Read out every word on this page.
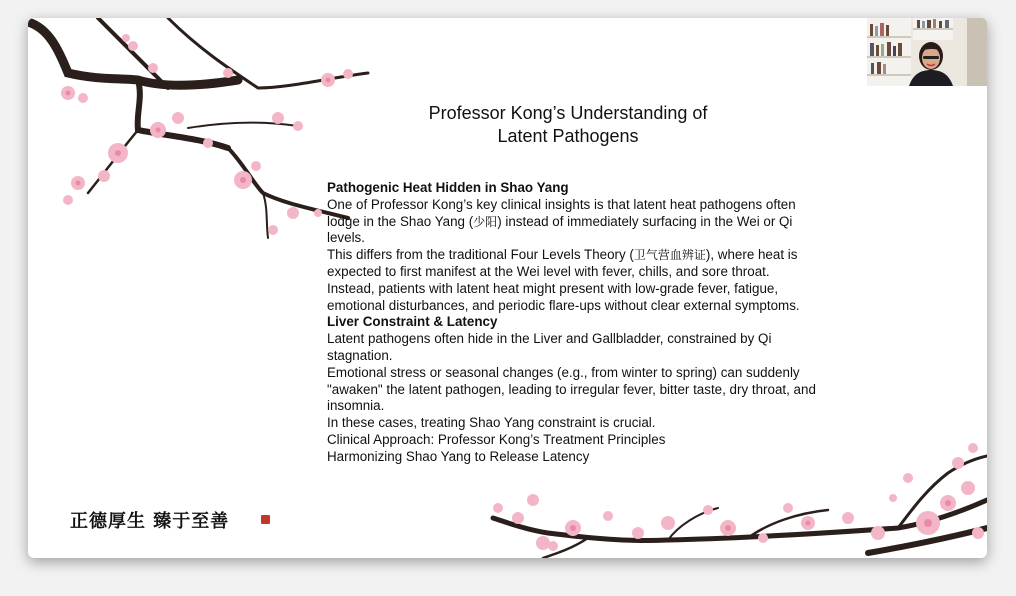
Professor Kong’s Understanding of
Latent Pathogens

Pathogenic Heat Hidden in Shao Yang

One of Professor Kong’s key clinical insights is that latent heat pathogens often lodge in the Shao Yang (少阳) instead of immediately surfacing in the Wei or Qi levels.

This differs from the traditional Four Levels Theory (卫气营血辨证), where heat is expected to first manifest at the Wei level with fever, chills, and sore throat.

Instead, patients with latent heat might present with low-grade fever, fatigue, emotional disturbances, and periodic flare-ups without clear external symptoms.

Liver Constraint & Latency

Latent pathogens often hide in the Liver and Gallbladder, constrained by Qi stagnation.

Emotional stress or seasonal changes (e.g., from winter to spring) can suddenly "awaken" the latent pathogen, leading to irregular fever, bitter taste, dry throat, and insomnia.

In these cases, treating Shao Yang constraint is crucial.

Clinical Approach: Professor Kong’s Treatment Principles

Harmonizing Shao Yang to Release Latency

正德厚生 臻于至善
